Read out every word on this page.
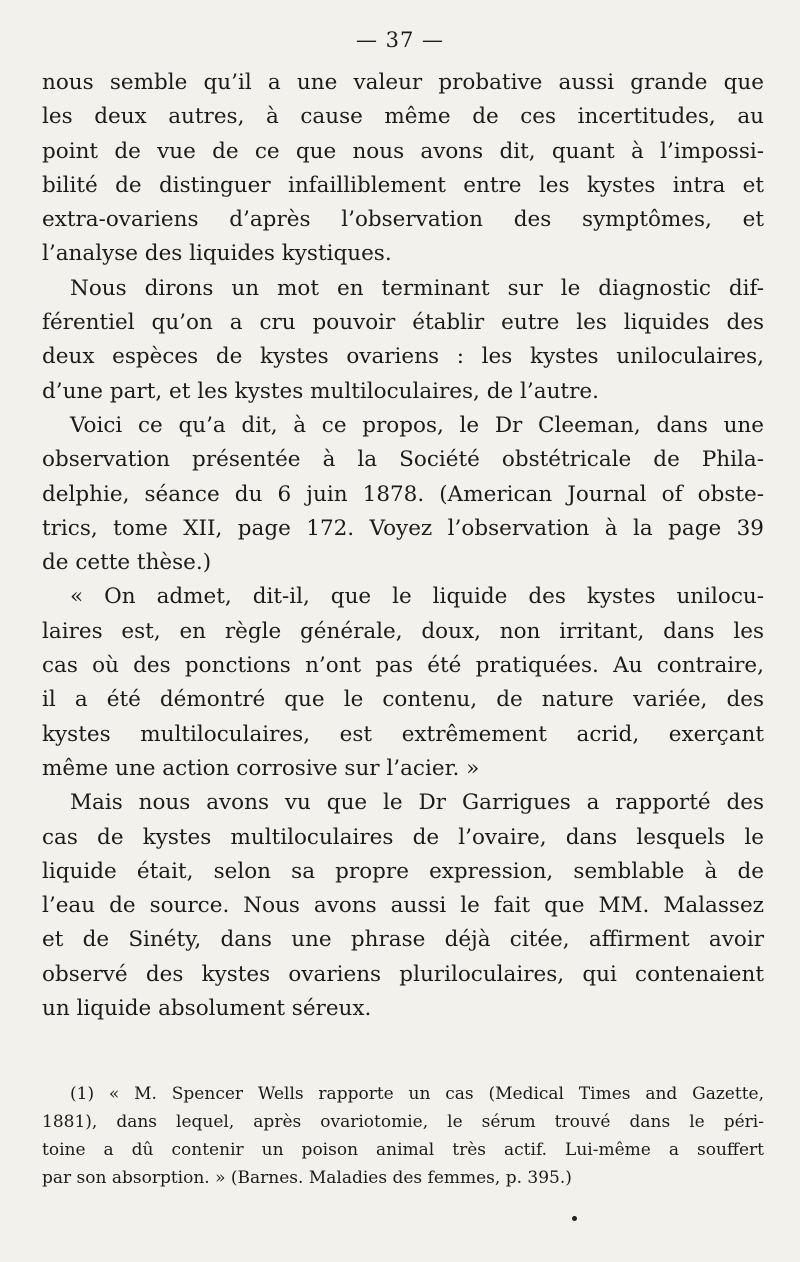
— 37 —
nous semble qu’il a une valeur probative aussi grande que
les deux autres, à cause même de ces incertitudes, au
point de vue de ce que nous avons dit, quant à l’impossi-
bilité de distinguer infailliblement entre les kystes intra et
extra-ovariens d’après l’observation des symptômes, et
l’analyse des liquides kystiques.
Nous dirons un mot en terminant sur le diagnostic dif-
férentiel qu’on a cru pouvoir établir eutre les liquides des
deux espèces de kystes ovariens : les kystes uniloculaires,
d’une part, et les kystes multiloculaires, de l’autre.
Voici ce qu’a dit, à ce propos, le Dr Cleeman, dans une
observation présentée à la Société obstétricale de Phila-
delphie, séance du 6 juin 1878. (American Journal of obste-
trics, tome XII, page 172. Voyez l’observation à la page 39
de cette thèse.)
« On admet, dit-il, que le liquide des kystes unilocu-
laires est, en règle générale, doux, non irritant, dans les
cas où des ponctions n’ont pas été pratiquées. Au contraire,
il a été démontré que le contenu, de nature variée, des
kystes multiloculaires, est extrêmement acrid, exerçant
même une action corrosive sur l’acier. »
Mais nous avons vu que le Dr Garrigues a rapporté des
cas de kystes multiloculaires de l’ovaire, dans lesquels le
liquide était, selon sa propre expression, semblable à de
l’eau de source. Nous avons aussi le fait que MM. Malassez
et de Sinéty, dans une phrase déjà citée, affirment avoir
observé des kystes ovariens pluriloculaires, qui contenaient
un liquide absolument séreux.
(1) « M. Spencer Wells rapporte un cas (Medical Times and Gazette,
1881), dans lequel, après ovariotomie, le sérum trouvé dans le péri-
toine a dû contenir un poison animal très actif. Lui-même a souffert
par son absorption. » (Barnes. Maladies des femmes, p. 395.)
